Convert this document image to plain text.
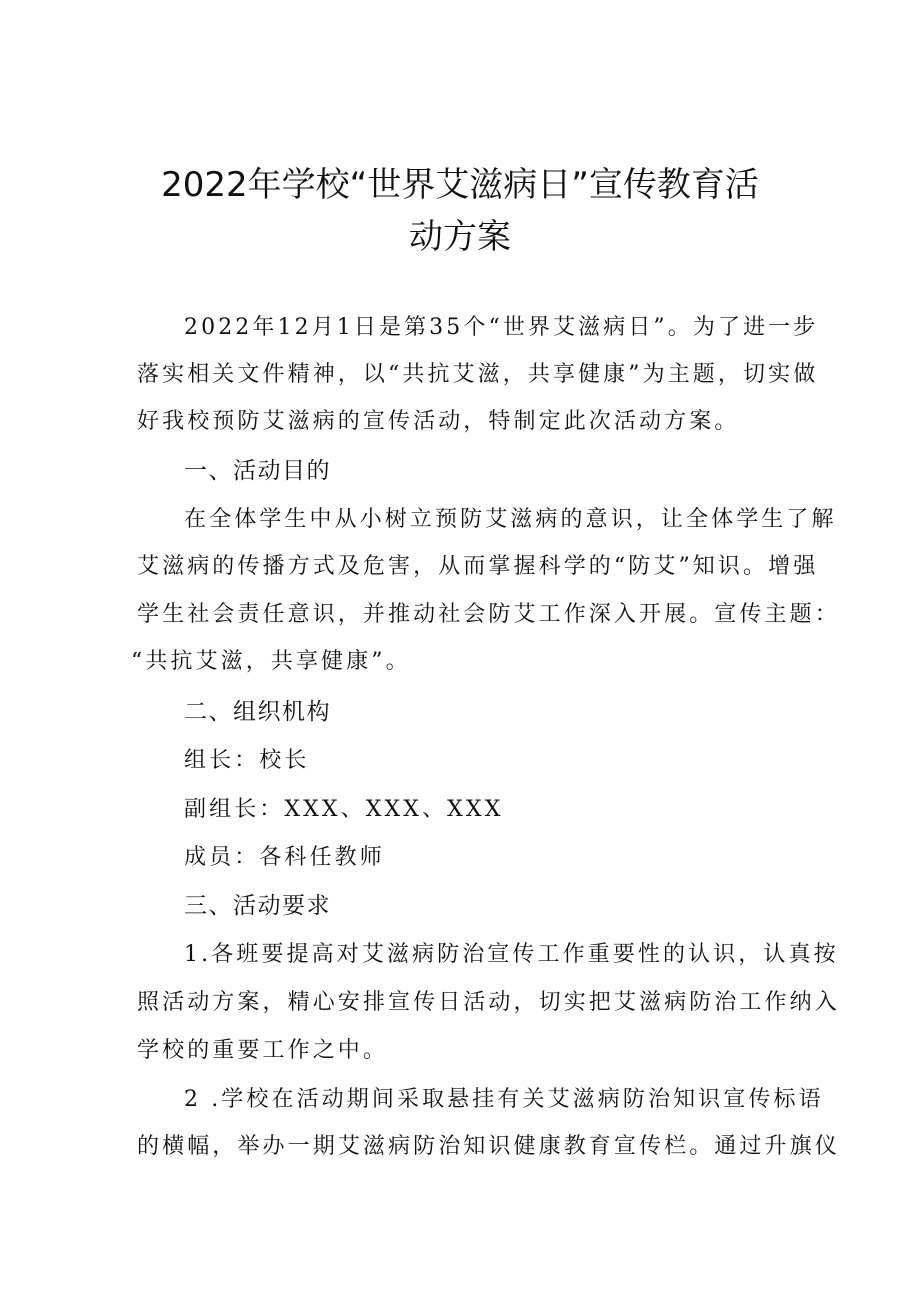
2022年学校“世界艾滋病日”宣传教育活
动方案

2022年12月1日是第35个“世界艾滋病日”。为了进一步

落实相关文件精神，以“共抗艾滋，共享健康”为主题，切实做

好我校预防艾滋病的宣传活动，特制定此次活动方案。

一、活动目的

在全体学生中从小树立预防艾滋病的意识，让全体学生了解

艾滋病的传播方式及危害，从而掌握科学的“防艾”知识。增强

学生社会责任意识，并推动社会防艾工作深入开展。宣传主题：

“共抗艾滋，共享健康”。

二、组织机构

组长：校长

副组长：XXX、XXX、XXX

成员：各科任教师

三、活动要求

1.各班要提高对艾滋病防治宣传工作重要性的认识，认真按

照活动方案，精心安排宣传日活动，切实把艾滋病防治工作纳入

学校的重要工作之中。

2 .学校在活动期间采取悬挂有关艾滋病防治知识宣传标语

的横幅，举办一期艾滋病防治知识健康教育宣传栏。通过升旗仪
